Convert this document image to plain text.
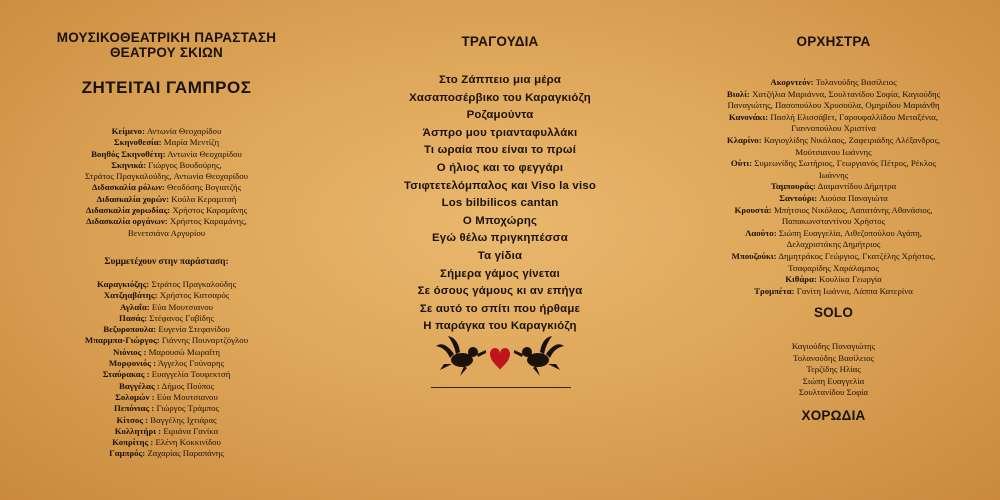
ΜΟΥΣΙΚΟΘΕΑΤΡΙΚΗ ΠΑΡΑΣΤΑΣΗ
ΘΕΑΤΡΟΥ ΣΚΙΩΝ
ΖΗΤΕΙΤΑΙ ΓΑΜΠΡΟΣ
Κείμενο: Αντωνία Θεοχαρίδου
Σκηνοθεσία: Μαρία Μεντίζη
Βοηθός Σκηνοθέτη: Αντωνία Θεοχαρίδου
Σκηνικά: Γιώργος Βουδούρης,
Στράτος Πραγκαλούδης, Αντωνία Θεοχαρίδου
Διδασκαλία ρόλων: Θεοδόσης Βογιατζής
Διδασκαλία χορών: Κούλα Κεραμιτσή
Διδασκαλία χορωδίας: Χρήστος Καραμάνης
Διδασκαλία οργάνων: Χρήστος Καραμάνης,
Βενετσιάνα Αργυρίου
Συμμετέχουν στην παράσταση:
Καραγκιόζης: Στράτος Πραγκαλούδης
Χατζηαβάτης: Χρήστος Κατσαρός
Αγλαΐα: Εύα Μουτσιανου
Πασάς: Στέφανος Γαβίδης
Βεζυροπουλα: Ευγενία Στεφανίδου
Μπαρμπα-Γιώργος: Γιάννης Πουναρτζόγλου
Νιόνιος : Μαρουσώ Μωραΐτη
Μορφονιός : Άγγελος Γούναρης
Σταύρακας : Ευαγγελία Τουφεκτσή
Βαγγέλας : Δήμος Πούπος
Σολομών : Εύα Μουτσιανου
Πεπόνιας : Γιώργος Τράμπος
Κίτσος : Βαγγέλης Ιχτιάρας
Κολλητήρι : Ειριάνα Γανίκα
Κοπρίτης : Ελένη Κοκκινίδου
Γαμπρός: Ζαχαρίας Παραπάνης
ΤΡΑΓΟΥΔΙΑ
Στο Ζάππειο μια μέρα
Χασαποσέρβικο του Καραγκιόζη
Ροζαμούντα
Άσπρο μου τριανταφυλλάκι
Τι ωραία που είναι το πρωί
Ο ήλιος και το φεγγάρι
Τσιφτετελόμπαλος και Viso la viso
Los bilbilicos cantan
Ο Μποχώρης
Εγώ θέλω πριγκηπέσσα
Τα γίδια
Σήμερα γάμος γίνεται
Σε όσους γάμους κι αν επήγα
Σε αυτό το σπίτι που ήρθαμε
Η παράγκα του Καραγκιόζη
ΟΡΧΗΣΤΡΑ
Ακορντεόν: Τολανούδης Βασίλειος
Βιολί: Χατζήλια Μαριάννα, Σουλτανίδου Σοφία, Καγιούδης
Παναγιώτης, Πασοπούλου Χρυσούλα, Ομηρίδου Μαριάνθη
Κανονάκι: Πασλή Ελισσάβετ, Γαρουφαλλίδου Μεταξένια,
Γιαννοπούλου Χριστίνα
Κλαρίνο: Καγιογλίδης Νικόλαος, Ζαφειριάδης Αλέξανδρος,
Μούτσιανου Ιωάννης
Ούτι: Συμεωνίδης Σωτήριος, Γεωργιανός Πέτρος, Ρέκλος
Ιωάννης
Ταμπουράς: Διαμαντίδου Δήμητρα
Σαντούρι: Λιούσα Παναγιώτα
Κρουστά: Μπήτσιος Νικόλαος, Λαπατάνης Αθανάσιος,
Παπακωνσταντίνου Χρήστος
Λαούτο: Σιώπη Ευαγγελία, Αιθεζοπούλου Αγάπη,
Δελαχριστάκης Δημήτριος
Μπουζούκι: Δημητράκος Γεώργιος, Γκατζέλης Χρήστος,
Τσαφαρίδης Χαράλαμπος
Κιθάρα: Κουλίκα Γεωργία
Τρομπέτα: Γανίτη Ιωάννα, Λάππα Κατερίνα
SOLO
Καγιούδης Παναγιώτης
Τολανούδης Βασίλειος
Τερζίδης Ηλίας
Σιώπη Ευαγγελία
Σουλτανίδου Σοφία
ΧΟΡΩΔΙΑ
